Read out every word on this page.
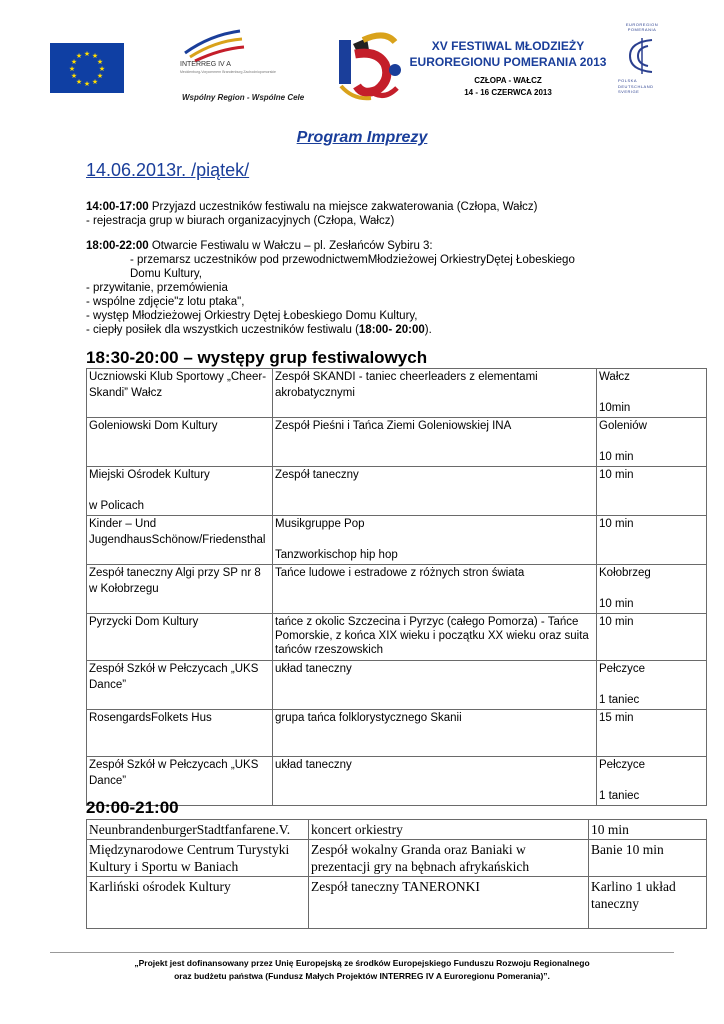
★ ★
★
★
★
★
★
★
★
★
★
★
INTERREG IV A
Mecklenburg-Vorpommern Brandenburg Zachodniopomorskie
Wspólny Region - Wspólne Cele
XV FESTIWAL MŁODZIEŻY
EUROREGIONU POMERANIA 2013
CZŁOPA - WAŁCZ
14 - 16 CZERWCA 2013
EUROREGION POMERANIA
POLSKA DEUTSCHLAND SVERIGE
Program Imprezy
14.06.2013r. /piątek/
14:00-17:00 Przyjazd uczestników festiwalu na miejsce zakwaterowania (Człopa, Wałcz)
- rejestracja grup w biurach organizacyjnych (Człopa, Wałcz)
18:00-22:00 Otwarcie Festiwalu w Wałczu – pl. Zesłańców Sybiru 3:
- przemarsz uczestników pod przewodnictwemMłodzieżowej OrkiestryDętej Łobeskiego
Domu Kultury,
- przywitanie, przemówienia
- wspólne zdjęcie"z lotu ptaka",
- występ Młodzieżowej Orkiestry Dętej Łobeskiego Domu Kultury,
- ciepły posiłek dla wszystkich uczestników festiwalu (18:00- 20:00).
18:30-20:00 – występy grup festiwalowych
Uczniowski Klub Sportowy „Cheer-Skandi” Wałcz	Zespół SKANDI - taniec cheerleaders z elementami akrobatycznymi	Wałcz
10min

Goleniowski Dom Kultury	Zespół Pieśni i Tańca Ziemi Goleniowskiej INA	Goleniów
10 min

Miejski Ośrodek Kultury
w Policach	Zespół taneczny	10 min
Kinder – Und JugendhausSchönow/Friedensthal	Musikgruppe Pop
Tanzworkischop hip hop	10 min
Zespół taneczny Algi przy SP nr 8 w Kołobrzegu	Tańce ludowe i estradowe z różnych stron świata	Kołobrzeg
10 min

Pyrzycki Dom Kultury	tańce z okolic Szczecina i Pyrzyc (całego Pomorza) - Tańce Pomorskie, z końca XIX wieku i początku XX wieku oraz suita tańców rzeszowskich	10 min
Zespół Szkół w Pełczycach „UKS Dance”	układ taneczny	Pełczyce
1 taniec

RosengardsFolkets Hus	grupa tańca folklorystycznego Skanii	15 min
Zespół Szkół w Pełczycach „UKS Dance”	układ taneczny	Pełczyce
1 taniec
20:00-21:00
NeunbrandenburgerStadtfanfarene.V.	koncert orkiestry	10 min
Międzynarodowe Centrum Turystyki Kultury i Sportu w Baniach	Zespół wokalny Granda oraz Baniaki w prezentacji gry na bębnach afrykańskich	Banie 10 min
Karliński ośrodek Kultury	Zespół taneczny TANERONKI	Karlino 1 układ taneczny
„Projekt jest dofinansowany przez Unię Europejską ze środków Europejskiego Funduszu Rozwoju Regionalnego
oraz budżetu państwa (Fundusz Małych Projektów INTERREG IV A Euroregionu Pomerania)”.
